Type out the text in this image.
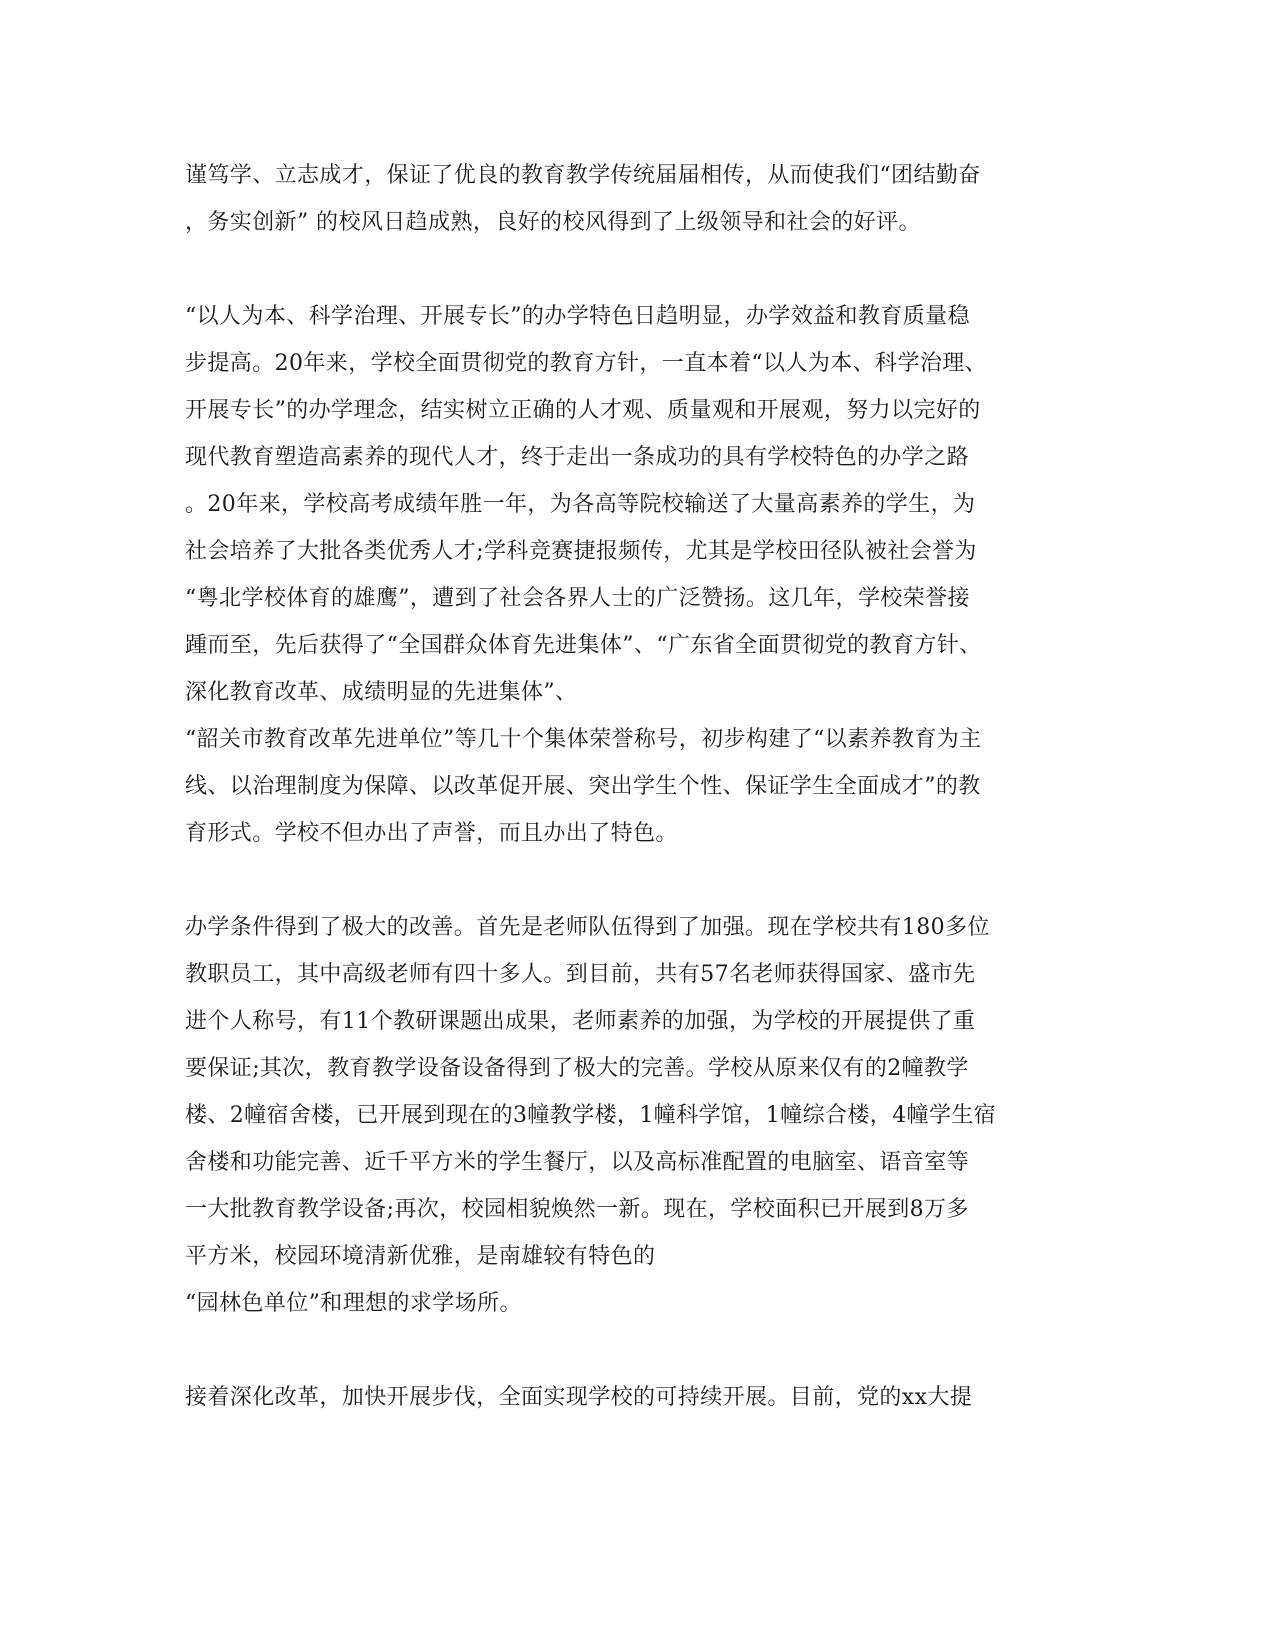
谨笃学、立志成才，保证了优良的教育教学传统届届相传，从而使我们“团结勤奋
，务实创新” 的校风日趋成熟，良好的校风得到了上级领导和社会的好评。
“以人为本、科学治理、开展专长”的办学特色日趋明显，办学效益和教育质量稳
步提高。20年来，学校全面贯彻党的教育方针，一直本着“以人为本、科学治理、
开展专长”的办学理念，结实树立正确的人才观、质量观和开展观，努力以完好的
现代教育塑造高素养的现代人才，终于走出一条成功的具有学校特色的办学之路
。20年来，学校高考成绩年胜一年，为各高等院校输送了大量高素养的学生，为
社会培养了大批各类优秀人才;学科竞赛捷报频传，尤其是学校田径队被社会誉为
“粤北学校体育的雄鹰”，遭到了社会各界人士的广泛赞扬。这几年，学校荣誉接
踵而至，先后获得了“全国群众体育先进集体”、“广东省全面贯彻党的教育方针、
深化教育改革、成绩明显的先进集体”、
“韶关市教育改革先进单位”等几十个集体荣誉称号，初步构建了“以素养教育为主
线、以治理制度为保障、以改革促开展、突出学生个性、保证学生全面成才”的教
育形式。学校不但办出了声誉，而且办出了特色。
办学条件得到了极大的改善。首先是老师队伍得到了加强。现在学校共有180多位
教职员工，其中高级老师有四十多人。到目前，共有57名老师获得国家、盛市先
进个人称号，有11个教研课题出成果，老师素养的加强，为学校的开展提供了重
要保证;其次，教育教学设备设备得到了极大的完善。学校从原来仅有的2幢教学
楼、2幢宿舍楼，已开展到现在的3幢教学楼，1幢科学馆，1幢综合楼，4幢学生宿
舍楼和功能完善、近千平方米的学生餐厅，以及高标准配置的电脑室、语音室等
一大批教育教学设备;再次，校园相貌焕然一新。现在，学校面积已开展到8万多
平方米，校园环境清新优雅，是南雄较有特色的
“园林色单位”和理想的求学场所。
接着深化改革，加快开展步伐，全面实现学校的可持续开展。目前，党的xx大提
